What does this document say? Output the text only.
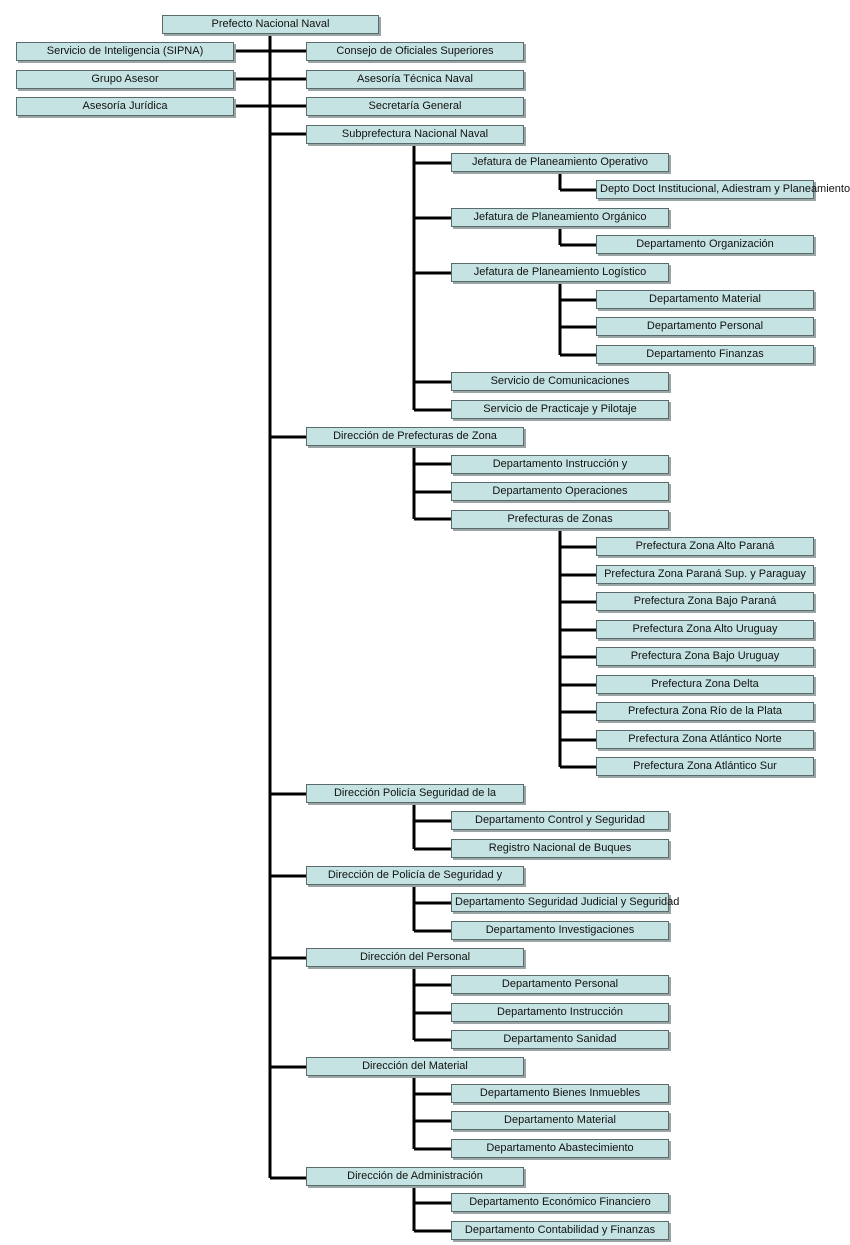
Prefecto Nacional Naval
Servicio de Inteligencia (SIPNA)
Grupo Asesor
Asesoría Jurídica
Consejo de Oficiales Superiores
Asesoría Técnica Naval
Secretaría General
Subprefectura Nacional Naval
Jefatura de Planeamiento Operativo
Depto Doct Institucional, Adiestram y Planeamiento
Jefatura de Planeamiento Orgánico
Departamento Organización
Jefatura de Planeamiento Logístico
Departamento Material
Departamento Personal
Departamento Finanzas
Servicio de Comunicaciones
Servicio de Practicaje y Pilotaje
Dirección de Prefecturas de Zona
Departamento Instrucción y
Departamento Operaciones
Prefecturas de Zonas
Prefectura Zona Alto Paraná
Prefectura Zona Paraná Sup. y Paraguay
Prefectura Zona Bajo Paraná
Prefectura Zona Alto Uruguay
Prefectura Zona Bajo Uruguay
Prefectura Zona Delta
Prefectura Zona Río de la Plata
Prefectura Zona Atlántico Norte
Prefectura Zona Atlántico Sur
Dirección Policía Seguridad de la
Departamento Control y Seguridad
Registro Nacional de Buques
Dirección de Policía de Seguridad y
Departamento Seguridad Judicial y Seguridad
Departamento Investigaciones
Dirección del Personal
Departamento Personal
Departamento Instrucción
Departamento Sanidad
Dirección del Material
Departamento Bienes Inmuebles
Departamento Material
Departamento Abastecimiento
Dirección de Administración
Departamento Económico Financiero
Departamento Contabilidad y Finanzas
